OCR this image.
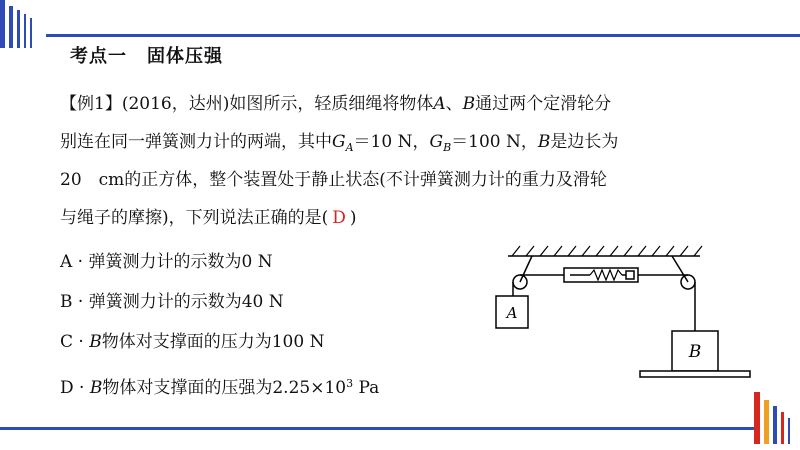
考点一 固体压强
【例1】(2016，达州)如图所示，轻质细绳将物体A、B通过两个定滑轮分
别连在同一弹簧测力计的两端，其中$G_A=10$ N，$G_B=100$ N，B是边长为
20　cm的正方体，整个装置处于静止状态(不计弹簧测力计的重力及滑轮
与绳子的摩擦)，下列说法正确的是( D )
A · 弹簧测力计的示数为0 N
B · 弹簧测力计的示数为40 N
C · B物体对支撑面的压力为100 N
D · B物体对支撑面的压强为$2.25\times 10^3$ Pa
A
B
